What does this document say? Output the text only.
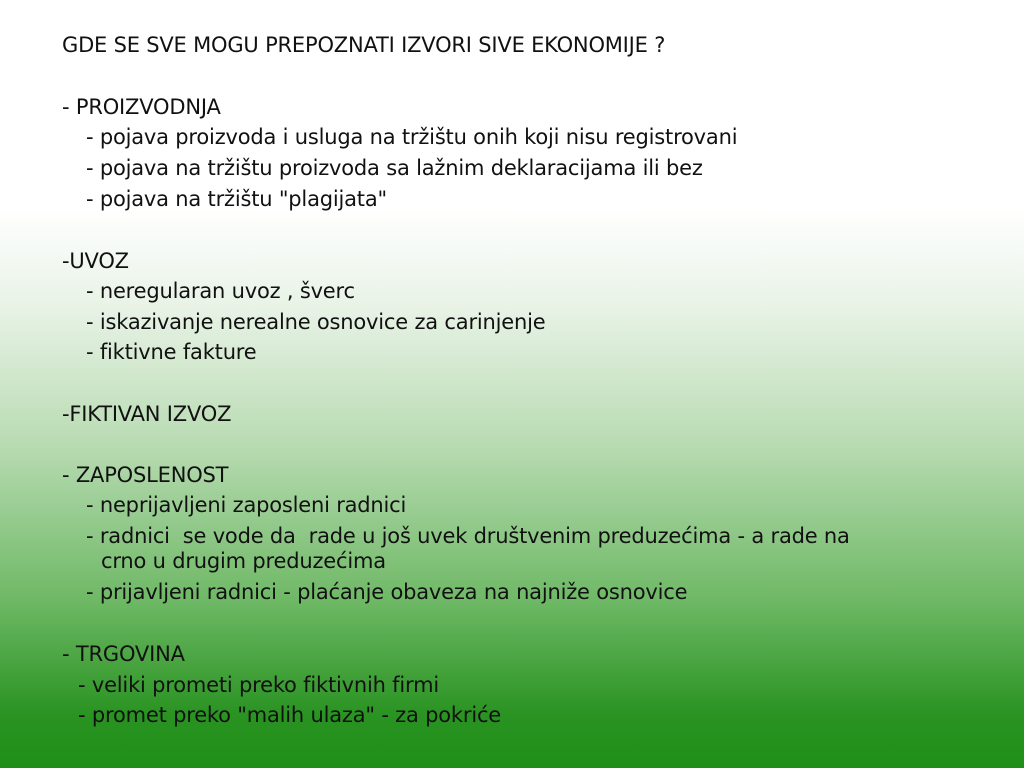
GDE SE SVE MOGU PREPOZNATI IZVORI SIVE EKONOMIJE ?
- PROIZVODNJA
- pojava proizvoda i usluga na tržištu onih koji nisu registrovani
- pojava na tržištu proizvoda sa lažnim deklaracijama ili bez
- pojava na tržištu "plagijata"
-UVOZ
- neregularan uvoz , šverc
- iskazivanje nerealne osnovice za carinjenje
- fiktivne fakture
-FIKTIVAN IZVOZ
- ZAPOSLENOST
- neprijavljeni zaposleni radnici
- radnici  se vode da  rade u još uvek društvenim preduzećima - a rade na
crno u drugim preduzećima
- prijavljeni radnici - plaćanje obaveza na najniže osnovice
- TRGOVINA
- veliki prometi preko fiktivnih firmi
- promet preko "malih ulaza" - za pokriće
